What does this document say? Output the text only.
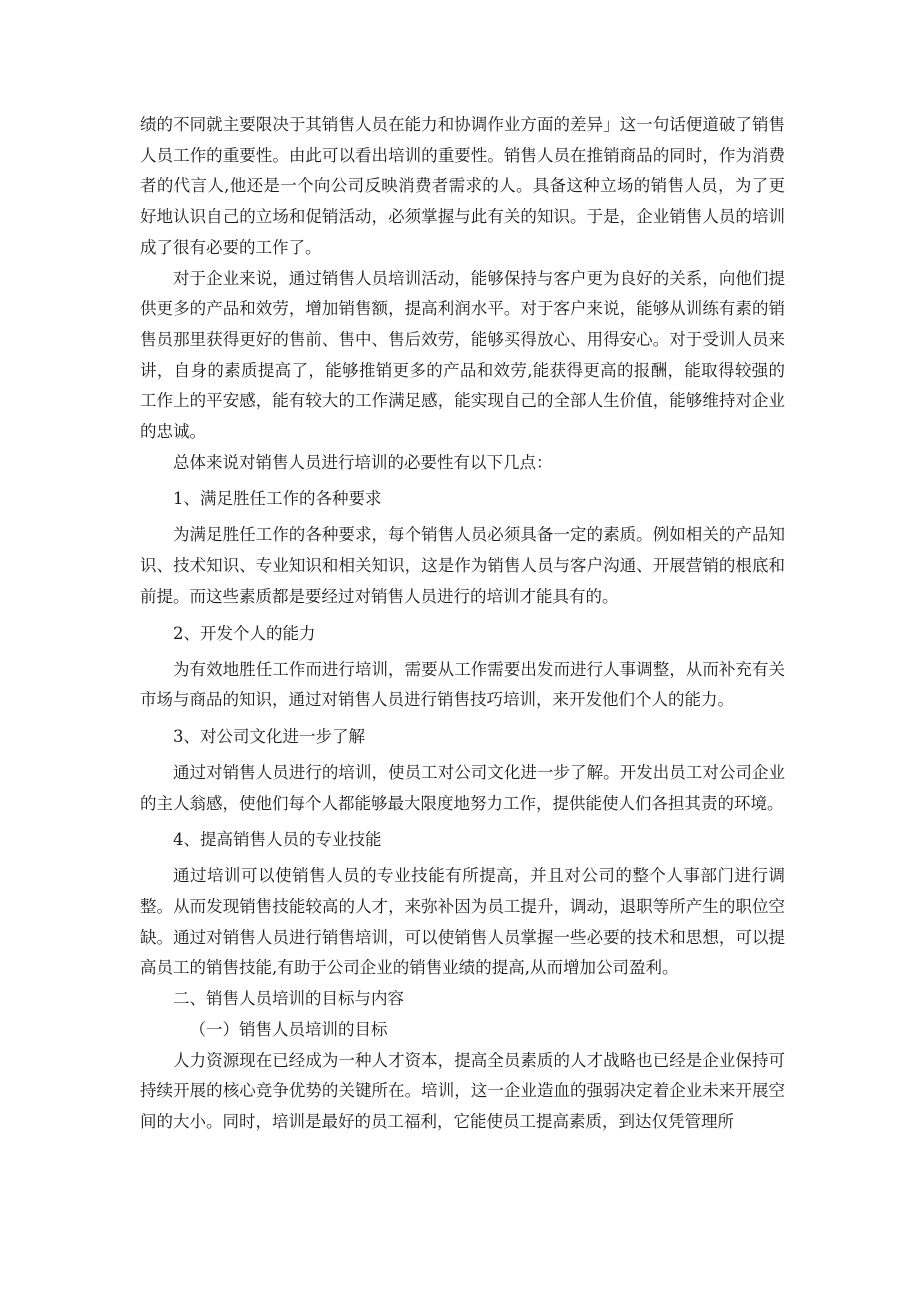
绩的不同就主要限决于其销售人员在能力和协调作业方面的差异」这一句话便道破了销售人员工作的重要性。由此可以看出培训的重要性。销售人员在推销商品的同时，作为消费者的代言人,他还是一个向公司反映消费者需求的人。具备这种立场的销售人员，为了更好地认识自己的立场和促销活动，必须掌握与此有关的知识。于是，企业销售人员的培训成了很有必要的工作了。

对于企业来说，通过销售人员培训活动，能够保持与客户更为良好的关系，向他们提供更多的产品和效劳，增加销售额，提高利润水平。对于客户来说，能够从训练有素的销售员那里获得更好的售前、售中、售后效劳，能够买得放心、用得安心。对于受训人员来讲，自身的素质提高了，能够推销更多的产品和效劳,能获得更高的报酬，能取得较强的工作上的平安感，能有较大的工作满足感，能实现自己的全部人生价值，能够维持对企业的忠诚。

总体来说对销售人员进行培训的必要性有以下几点：

1、满足胜任工作的各种要求

为满足胜任工作的各种要求，每个销售人员必须具备一定的素质。例如相关的产品知识、技术知识、专业知识和相关知识，这是作为销售人员与客户沟通、开展营销的根底和前提。而这些素质都是要经过对销售人员进行的培训才能具有的。

2、开发个人的能力

为有效地胜任工作而进行培训，需要从工作需要出发而进行人事调整，从而补充有关市场与商品的知识，通过对销售人员进行销售技巧培训，来开发他们个人的能力。

3、对公司文化进一步了解

通过对销售人员进行的培训，使员工对公司文化进一步了解。开发出员工对公司企业的主人翁感，使他们每个人都能够最大限度地努力工作，提供能使人们各担其责的环境。

4、提高销售人员的专业技能

通过培训可以使销售人员的专业技能有所提高，并且对公司的整个人事部门进行调整。从而发现销售技能较高的人才，来弥补因为员工提升，调动，退职等所产生的职位空缺。通过对销售人员进行销售培训，可以使销售人员掌握一些必要的技术和思想，可以提高员工的销售技能,有助于公司企业的销售业绩的提高,从而增加公司盈利。

二、销售人员培训的目标与内容

（一）销售人员培训的目标

人力资源现在已经成为一种人才资本，提高全员素质的人才战略也已经是企业保持可持续开展的核心竞争优势的关键所在。培训，这一企业造血的强弱决定着企业未来开展空间的大小。同时，培训是最好的员工福利，它能使员工提高素质，到达仅凭管理所
